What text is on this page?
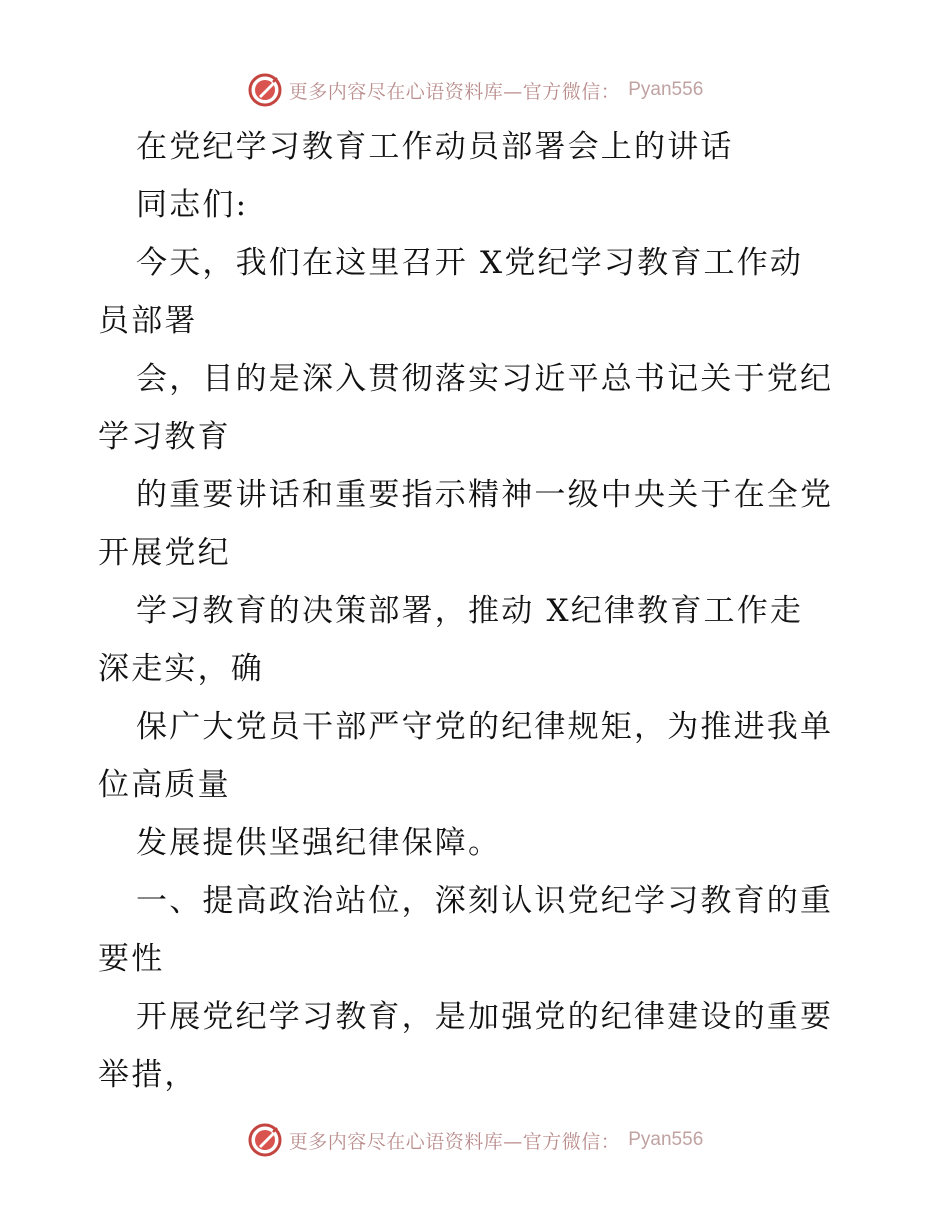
更多内容尽在心语资料库—官方微信： Pyan556
在党纪学习教育工作动员部署会上的讲话
同志们:
今天，我们在这里召开 X党纪学习教育工作动
员部署
会，目的是深入贯彻落实习近平总书记关于党纪
学习教育
的重要讲话和重要指示精神一级中央关于在全党
开展党纪
学习教育的决策部署，推动 X纪律教育工作走
深走实，确
保广大党员干部严守党的纪律规矩，为推进我单
位高质量
发展提供坚强纪律保障。
一、提高政治站位，深刻认识党纪学习教育的重
要性
开展党纪学习教育，是加强党的纪律建设的重要
举措，
更多内容尽在心语资料库—官方微信： Pyan556
